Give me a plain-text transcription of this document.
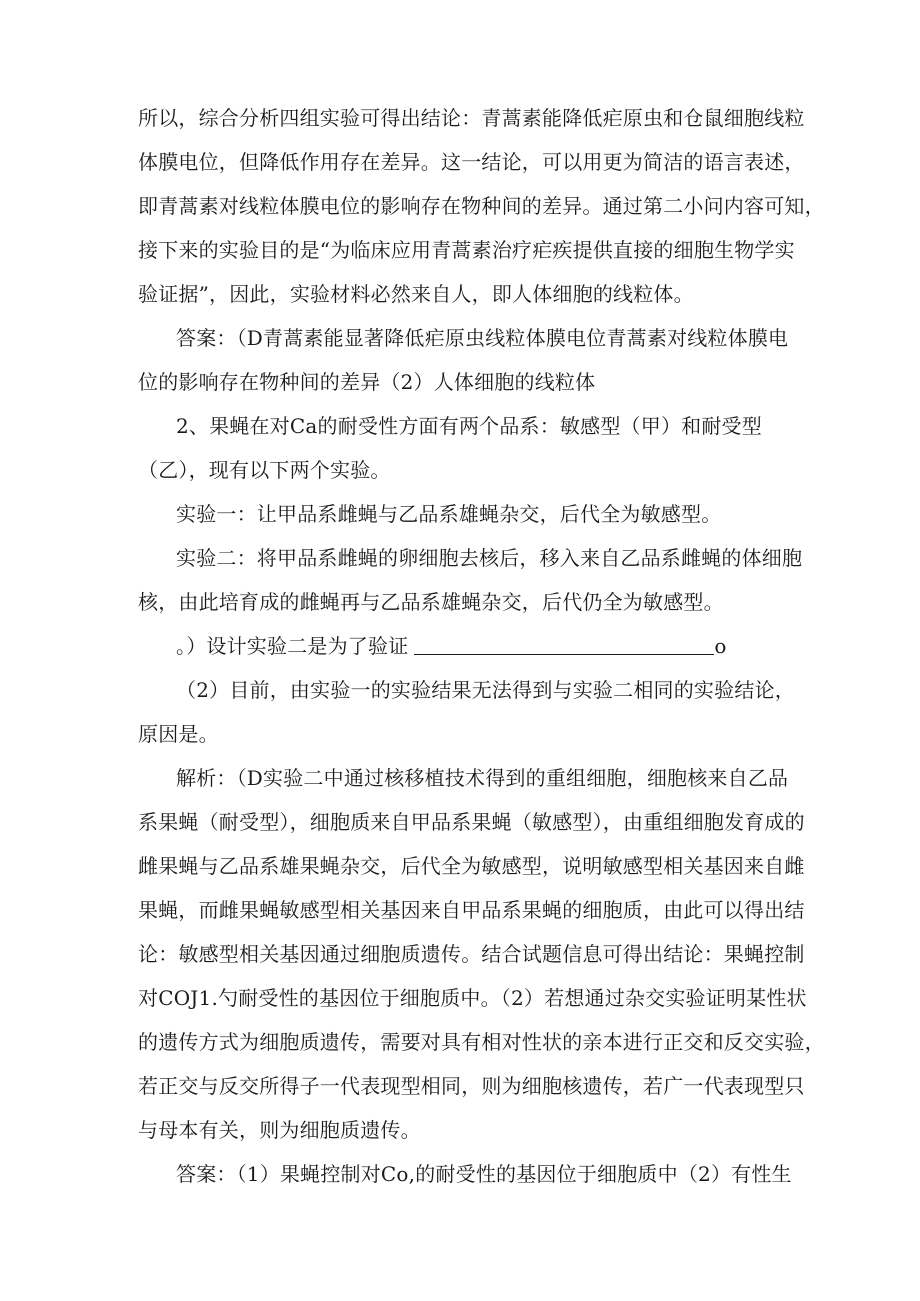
所以，综合分析四组实验可得出结论：青蒿素能降低疟原虫和仓鼠细胞线粒
体膜电位，但降低作用存在差异。这一结论，可以用更为简洁的语言表述，
即青蒿素对线粒体膜电位的影响存在物种间的差异。通过第二小问内容可知，
接下来的实验目的是“为临床应用青蒿素治疗疟疾提供直接的细胞生物学实
验证据”，因此，实验材料必然来自人，即人体细胞的线粒体。
答案：（D青蒿素能显著降低疟原虫线粒体膜电位青蒿素对线粒体膜电
位的影响存在物种间的差异（2）人体细胞的线粒体
2、果蝇在对Ca的耐受性方面有两个品系：敏感型（甲）和耐受型
（乙），现有以下两个实验。
实验一：让甲品系雌蝇与乙品系雄蝇杂交，后代全为敏感型。
实验二：将甲品系雌蝇的卵细胞去核后，移入来自乙品系雌蝇的体细胞
核，由此培育成的雌蝇再与乙品系雄蝇杂交，后代仍全为敏感型。
。）设计实验二是为了验证	o
（2）目前，由实验一的实验结果无法得到与实验二相同的实验结论，
原因是。
解析：（D实验二中通过核移植技术得到的重组细胞，细胞核来自乙品
系果蝇（耐受型），细胞质来自甲品系果蝇（敏感型），由重组细胞发育成的
雌果蝇与乙品系雄果蝇杂交，后代全为敏感型，说明敏感型相关基因来自雌
果蝇，而雌果蝇敏感型相关基因来自甲品系果蝇的细胞质，由此可以得出结
论：敏感型相关基因通过细胞质遗传。结合试题信息可得出结论：果蝇控制
对COJ1.勺耐受性的基因位于细胞质中。（2）若想通过杂交实验证明某性状
的遗传方式为细胞质遗传，需要对具有相对性状的亲本进行正交和反交实验，
若正交与反交所得子一代表现型相同，则为细胞核遗传，若广一代表现型只
与母本有关，则为细胞质遗传。
答案：（1）果蝇控制对Co,的耐受性的基因位于细胞质中（2）有性生
